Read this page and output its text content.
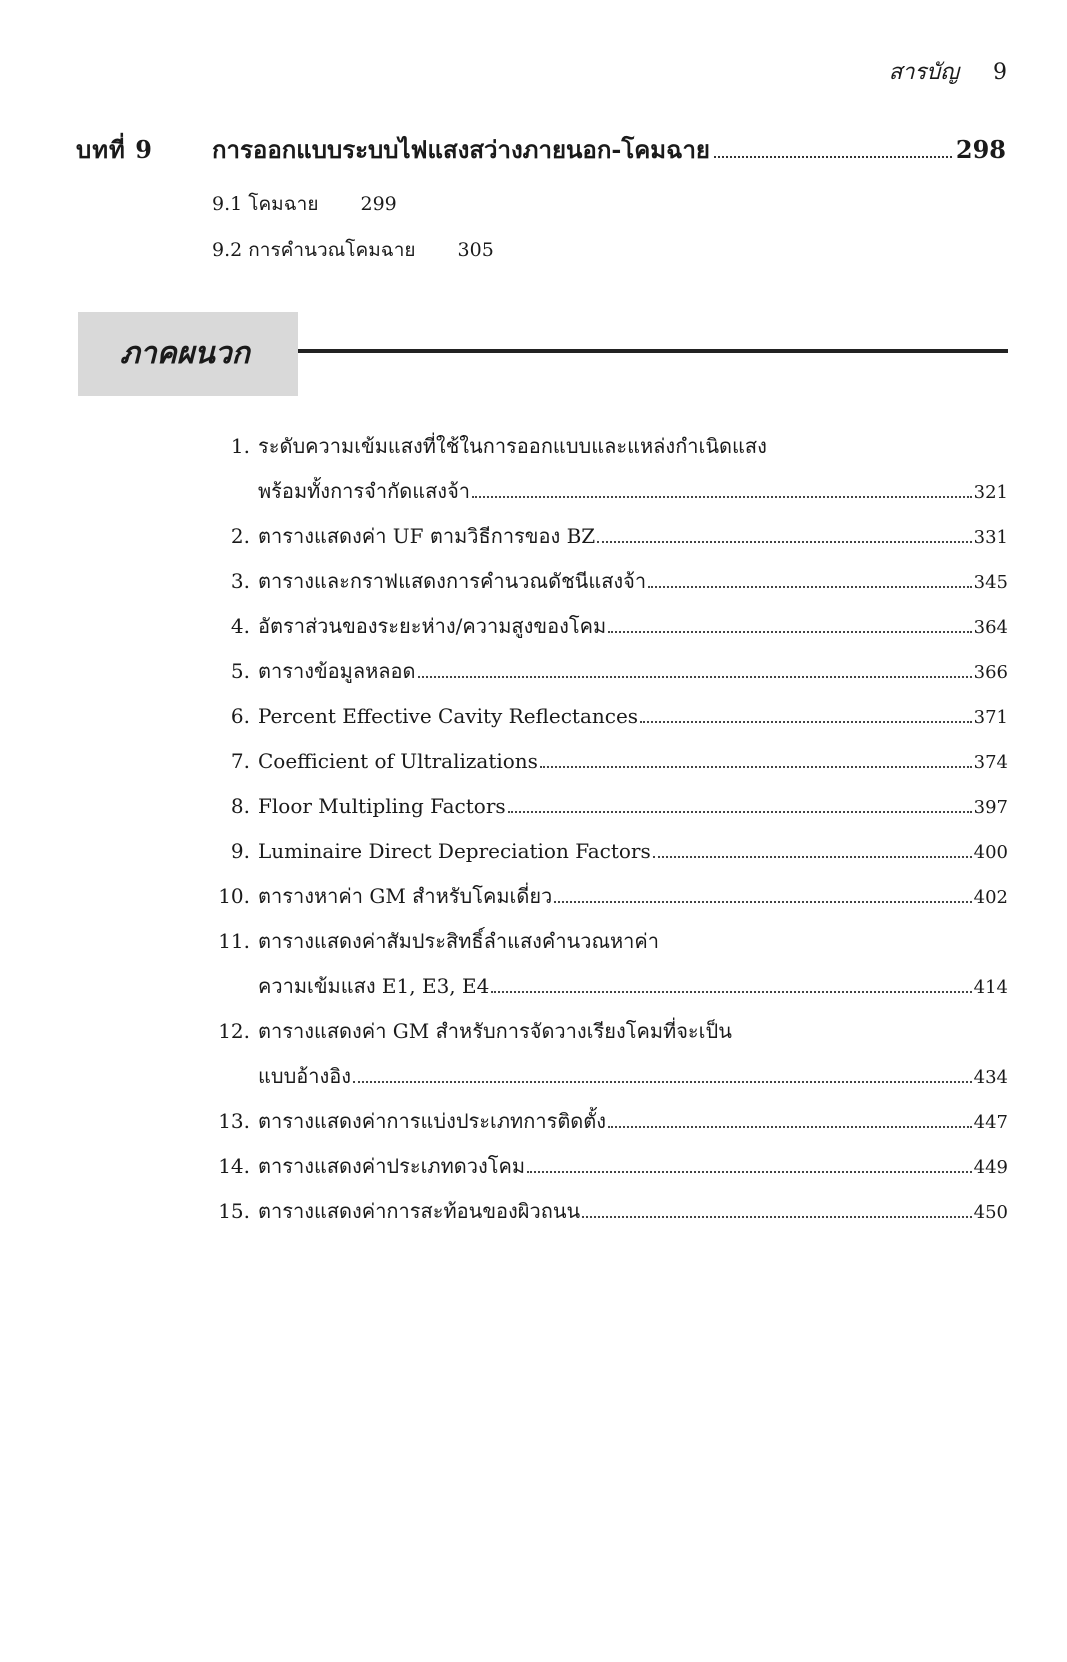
สารบัญ 9
บทที่ 9	การออกแบบระบบไฟแสงสว่างภายนอก-โคมฉาย	298
9.1 โคมฉาย 299
9.2 การคำนวณโคมฉาย 305
ภาคผนวก
1. ระดับความเข้มแสงที่ใช้ในการออกแบบและแหล่งกำเนิดแสง
พร้อมทั้งการจำกัดแสงจ้า	321
2. ตารางแสดงค่า UF ตามวิธีการของ BZ	331
3. ตารางและกราฟแสดงการคำนวณดัชนีแสงจ้า	345
4. อัตราส่วนของระยะห่าง/ความสูงของโคม	364
5. ตารางข้อมูลหลอด	366
6. Percent Effective Cavity Reflectances	371
7. Coefficient of Ultralizations	374
8. Floor Multipling Factors	397
9. Luminaire Direct Depreciation Factors	400
10. ตารางหาค่า GM สำหรับโคมเดี่ยว	402
11. ตารางแสดงค่าสัมประสิทธิ์ลำแสงคำนวณหาค่า
ความเข้มแสง E1, E3, E4	414
12. ตารางแสดงค่า GM สำหรับการจัดวางเรียงโคมที่จะเป็น
แบบอ้างอิง	434
13. ตารางแสดงค่าการแบ่งประเภทการติดตั้ง	447
14. ตารางแสดงค่าประเภทดวงโคม	449
15. ตารางแสดงค่าการสะท้อนของผิวถนน	450
